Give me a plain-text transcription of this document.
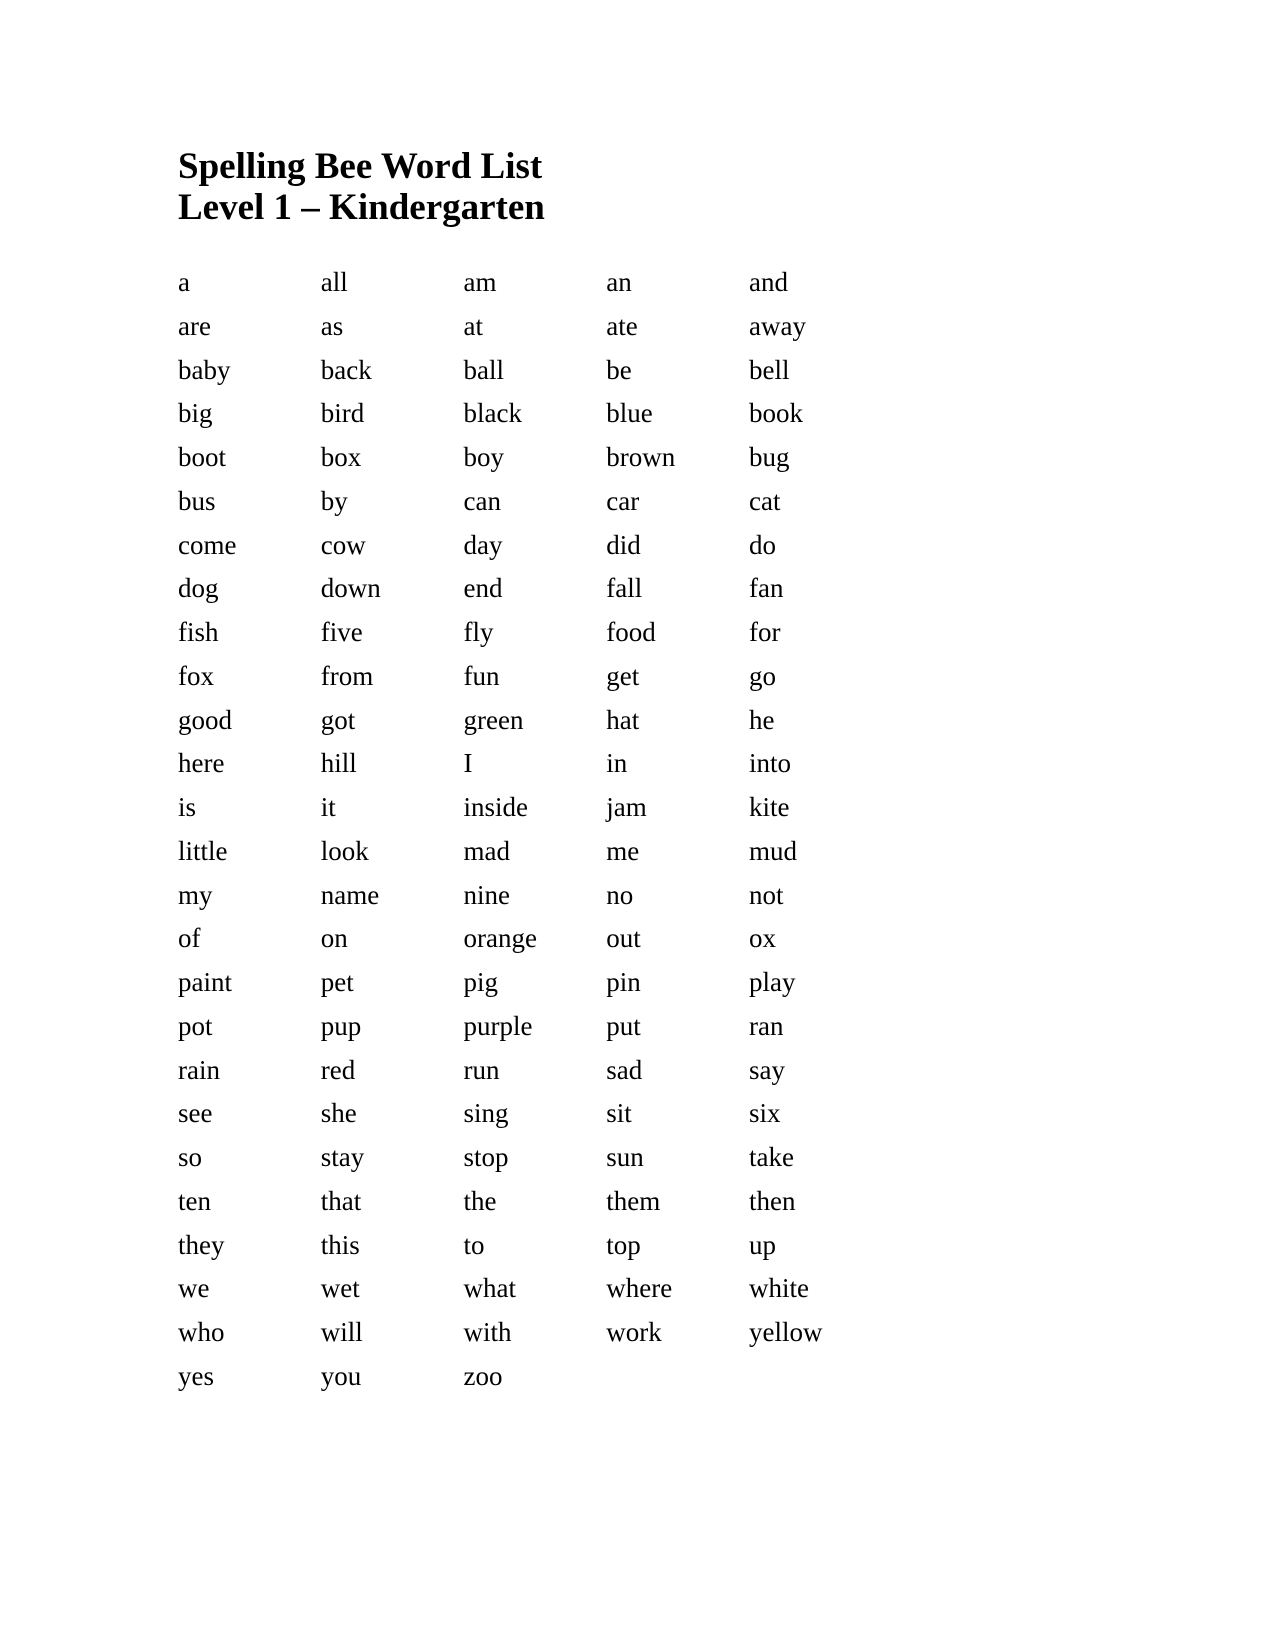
Spelling Bee Word List
Level 1 – Kindergarten
a	all	am	an	and
are	as	at	ate	away
baby	back	ball	be	bell
big	bird	black	blue	book
boot	box	boy	brown	bug
bus	by	can	car	cat
come	cow	day	did	do
dog	down	end	fall	fan
fish	five	fly	food	for
fox	from	fun	get	go
good	got	green	hat	he
here	hill	I	in	into
is	it	inside	jam	kite
little	look	mad	me	mud
my	name	nine	no	not
of	on	orange	out	ox
paint	pet	pig	pin	play
pot	pup	purple	put	ran
rain	red	run	sad	say
see	she	sing	sit	six
so	stay	stop	sun	take
ten	that	the	them	then
they	this	to	top	up
we	wet	what	where	white
who	will	with	work	yellow
yes	you	zoo
